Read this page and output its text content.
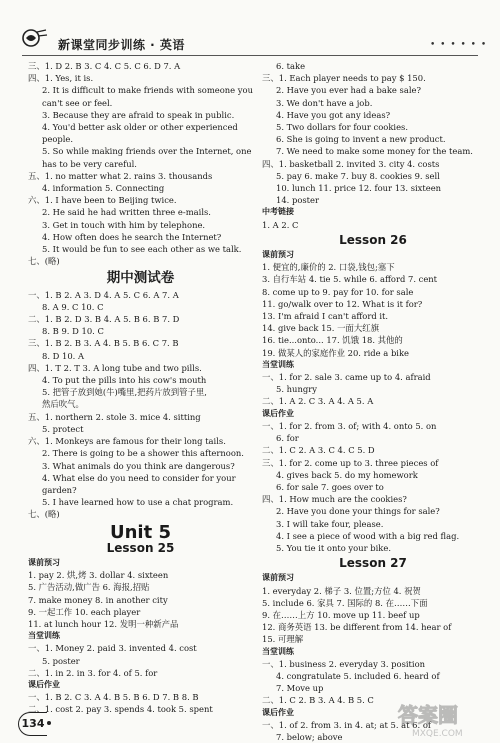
新课堂同步训练 · 英语	• • • • • •
三、1. D 2. B 3. C 4. C 5. C 6. D 7. A
四、1. Yes, it is.
2. It is difficult to make friends with someone you
can't see or feel.
3. Because they are afraid to speak in public.
4. You'd better ask older or other experienced
people.
5. So while making friends over the Internet, one
has to be very careful.
五、1. no matter what 2. rains 3. thousands
4. information 5. Connecting
六、1. I have been to Beijing twice.
2. He said he had written three e-mails.
3. Get in touch with him by telephone.
4. How often does he search the Internet?
5. It would be fun to see each other as we talk.
七、(略)
期中测试卷
一、1. B 2. A 3. D 4. A 5. C 6. A 7. A
8. A 9. C 10. C
二、1. B 2. D 3. B 4. A 5. B 6. B 7. D
8. B 9. D 10. C
三、1. B 2. B 3. A 4. B 5. B 6. C 7. B
8. D 10. A
四、1. T 2. T 3. A long tube and two pills.
4. To put the pills into his cow's mouth
5. 把管子放到她(牛)嘴里,把药片放到管子里,
然后吹气。
五、1. northern 2. stole 3. mice 4. sitting
5. protect
六、1. Monkeys are famous for their long tails.
2. There is going to be a shower this afternoon.
3. What animals do you think are dangerous?
4. What else do you need to consider for your
garden?
5. I have learned how to use a chat program.
七、(略)
Unit 5
Lesson 25
课前预习
1. pay 2. 烘,烤 3. dollar 4. sixteen
5. 广告活动,做广告 6. 海报,招贴
7. make money 8. in another city
9. 一起工作 10. each player
11. at lunch hour 12. 发明一种新产品
当堂训练
一、1. Money 2. paid 3. invented 4. cost
5. poster
二、1. in 2. in 3. for 4. of 5. for
课后作业
一、1. B 2. C 3. A 4. B 5. B 6. D 7. B 8. B
二、1. cost 2. pay 3. spends 4. took 5. spent
6. take
三、1. Each player needs to pay $ 150.
2. Have you ever had a bake sale?
3. We don't have a job.
4. Have you got any ideas?
5. Two dollars for four cookies.
6. She is going to invent a new product.
7. We need to make some money for the team.
四、1. basketball 2. invited 3. city 4. costs
5. pay 6. make 7. buy 8. cookies 9. sell
10. lunch 11. price 12. four 13. sixteen
14. poster
中考链接
1. A 2. C
Lesson 26
课前预习
1. 便宜的,廉价的 2. 口袋,钱包;塞下
3. 自行车站 4. tie 5. while 6. afford 7. cent
8. come up to 9. pay for 10. for sale
11. go/walk over to 12. What is it for?
13. I'm afraid I can't afford it.
14. give back 15. 一面大红旗
16. tie...onto... 17. 饥饿 18. 其他的
19. 做某人的家庭作业 20. ride a bike
当堂训练
一、1. for 2. sale 3. came up to 4. afraid
5. hungry
二、1. A 2. C 3. A 4. A 5. A
课后作业
一、1. for 2. from 3. of; with 4. onto 5. on
6. for
二、1. C 2. A 3. C 4. C 5. D
三、1. for 2. come up to 3. three pieces of
4. gives back 5. do my homework
6. for sale 7. goes over to
四、1. How much are the cookies?
2. Have you done your things for sale?
3. I will take four, please.
4. I see a piece of wood with a big red flag.
5. You tie it onto your bike.
Lesson 27
课前预习
1. everyday 2. 梯子 3. 位置;方位 4. 祝贺
5. include 6. 家具 7. 国际的 8. 在……下面
9. 在……上方 10. move up 11. beef up
12. 商务英语 13. be different from 14. hear of
15. 可理解
当堂训练
一、1. business 2. everyday 3. position
4. congratulate 5. included 6. heard of
7. Move up
二、1. C 2. B 3. A 4. B 5. C
课后作业
一、1. of 2. from 3. in 4. at; at 5. at 6. of
7. below; above
134	答案圈
MXQE.COM
